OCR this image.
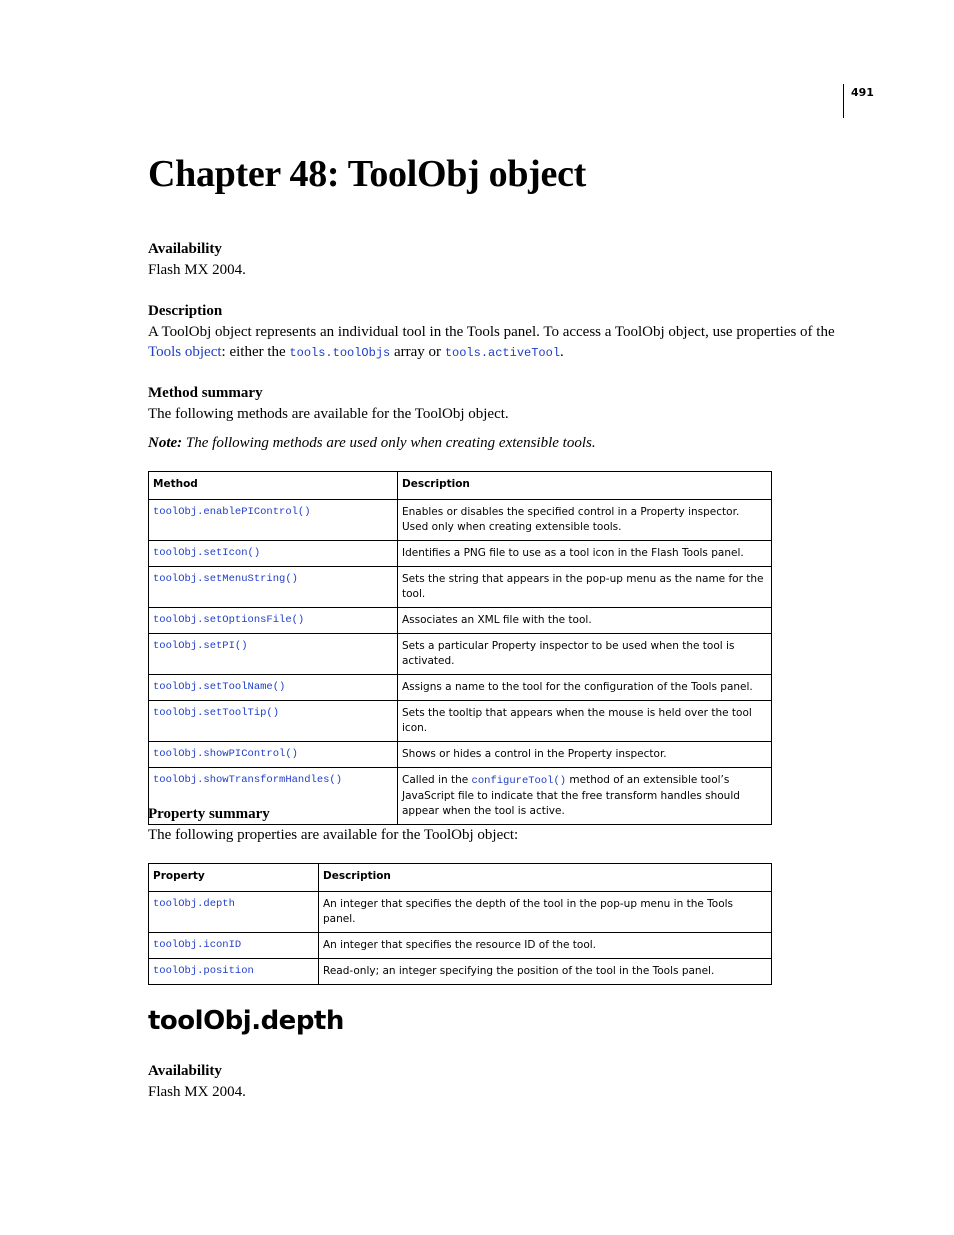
491
Chapter 48: ToolObj object
Availability
Flash MX 2004.
Description
A ToolObj object represents an individual tool in the Tools panel. To access a ToolObj object, use properties of the
Tools object: either the tools.toolObjs array or tools.activeTool.
Method summary
The following methods are available for the ToolObj object.
Note: The following methods are used only when creating extensible tools.
Method	Description
toolObj.enablePIControl()	Enables or disables the specified control in a Property inspector. Used only when creating extensible tools.
toolObj.setIcon()	Identifies a PNG file to use as a tool icon in the Flash Tools panel.
toolObj.setMenuString()	Sets the string that appears in the pop-up menu as the name for the tool.
toolObj.setOptionsFile()	Associates an XML file with the tool.
toolObj.setPI()	Sets a particular Property inspector to be used when the tool is activated.
toolObj.setToolName()	Assigns a name to the tool for the configuration of the Tools panel.
toolObj.setToolTip()	Sets the tooltip that appears when the mouse is held over the tool icon.
toolObj.showPIControl()	Shows or hides a control in the Property inspector.
toolObj.showTransformHandles()	Called in the configureTool() method of an extensible tool’s JavaScript file to indicate that the free transform handles should appear when the tool is active.
Property summary
The following properties are available for the ToolObj object:
Property	Description
toolObj.depth	An integer that specifies the depth of the tool in the pop-up menu in the Tools panel.
toolObj.iconID	An integer that specifies the resource ID of the tool.
toolObj.position	Read-only; an integer specifying the position of the tool in the Tools panel.
toolObj.depth
Availability
Flash MX 2004.
